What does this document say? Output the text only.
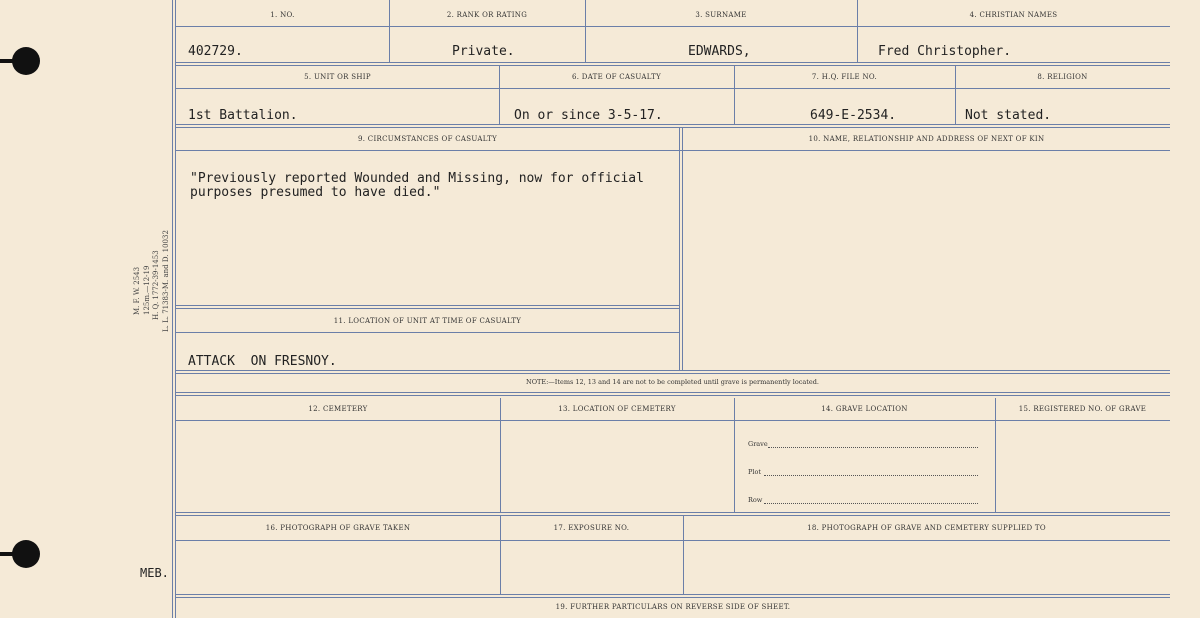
M. F. W. 2543 125m.—12-19 H. Q. 1772-39-1453 L. L. 71383-M. and D. 10032
1. NO.	2. RANK OR RATING	3. SURNAME	4. CHRISTIAN NAMES
402729.	Private.	EDWARDS,	Fred Christopher.
5. UNIT OR SHIP	6. DATE OF CASUALTY	7. H.Q. FILE NO.	8. RELIGION
1st Battalion.	On or since 3-5-17.	649-E-2534.	Not stated.
9. CIRCUMSTANCES OF CASUALTY	10. NAME, RELATIONSHIP AND ADDRESS OF NEXT OF KIN
"Previously reported Wounded and Missing, now for official
purposes presumed to have died."
11. LOCATION OF UNIT AT TIME OF CASUALTY
ATTACK  ON FRESNOY.
NOTE:—Items 12, 13 and 14 are not to be completed until grave is permanently located.
12. CEMETERY	13. LOCATION OF CEMETERY	14. GRAVE LOCATION	15. REGISTERED NO. OF GRAVE
Grave
Plot
Row
16. PHOTOGRAPH OF GRAVE TAKEN	17. EXPOSURE NO.	18. PHOTOGRAPH OF GRAVE AND CEMETERY SUPPLIED TO
19. FURTHER PARTICULARS ON REVERSE SIDE OF SHEET.
MEB.
